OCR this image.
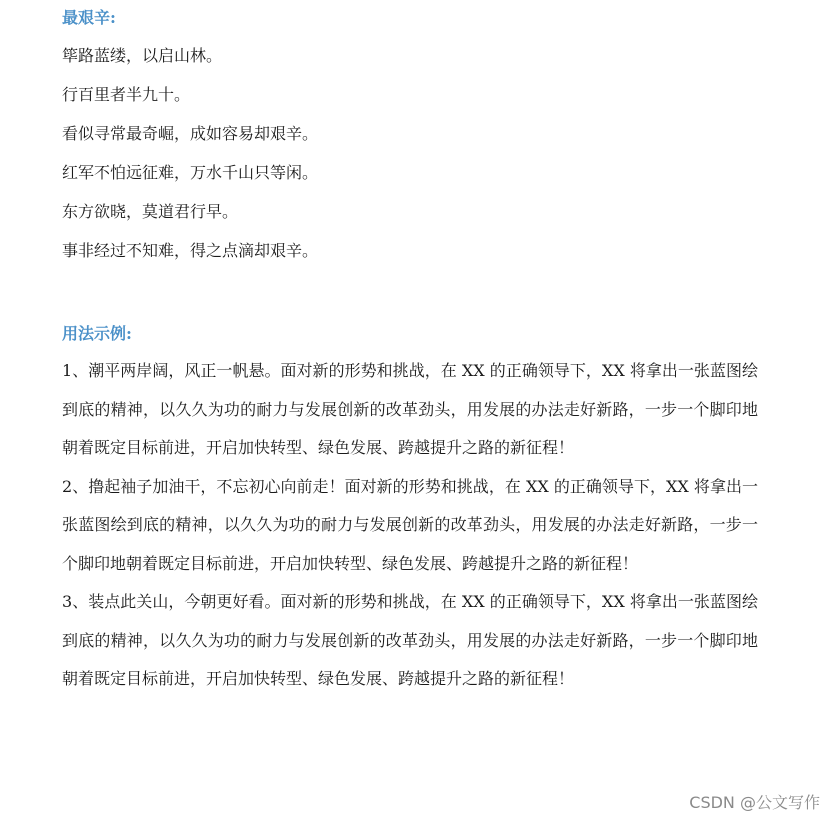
最艰辛:
筚路蓝缕，以启山林。
行百里者半九十。
看似寻常最奇崛，成如容易却艰辛。
红军不怕远征难，万水千山只等闲。
东方欲晓，莫道君行早。
事非经过不知难，得之点滴却艰辛。
用法示例:

1、潮平两岸阔，风正一帆悬。面对新的形势和挑战，在 XX 的正确领导下，XX 将拿出一张蓝图绘到底的精神，以久久为功的耐力与发展创新的改革劲头，用发展的办法走好新路，一步一个脚印地朝着既定目标前进，开启加快转型、绿色发展、跨越提升之路的新征程！

2、撸起袖子加油干，不忘初心向前走！面对新的形势和挑战，在 XX 的正确领导下，XX 将拿出一张蓝图绘到底的精神，以久久为功的耐力与发展创新的改革劲头，用发展的办法走好新路，一步一个脚印地朝着既定目标前进，开启加快转型、绿色发展、跨越提升之路的新征程！

3、装点此关山，今朝更好看。面对新的形势和挑战，在 XX 的正确领导下，XX 将拿出一张蓝图绘到底的精神，以久久为功的耐力与发展创新的改革劲头，用发展的办法走好新路，一步一个脚印地朝着既定目标前进，开启加快转型、绿色发展、跨越提升之路的新征程！

CSDN @公文写作
